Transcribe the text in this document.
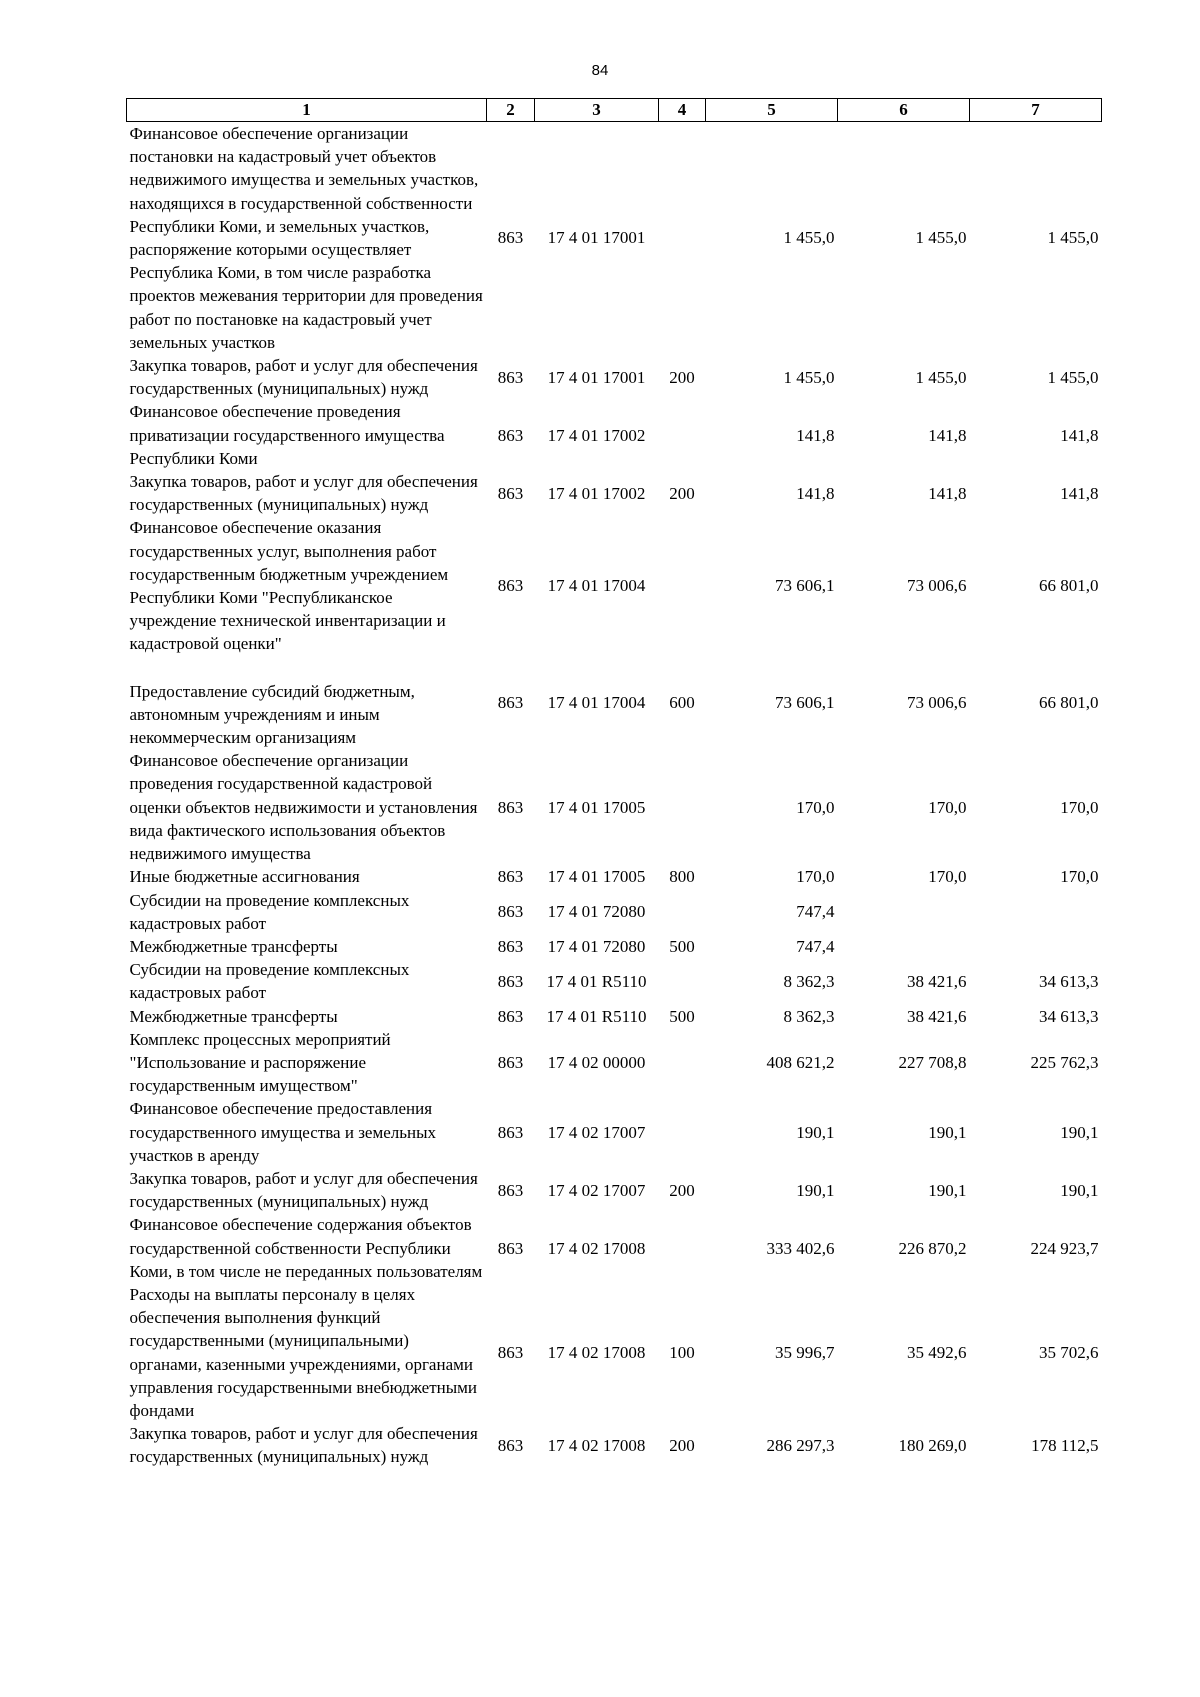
84
1	2	3	4	5	6	7
Финансовое обеспечение организации постановки на кадастровый учет объектов недвижимого имущества и земельных участков, находящихся в государственной собственности Республики Коми, и земельных участков, распоряжение которыми осуществляет Республика Коми, в том числе разработка проектов межевания территории для проведения работ по постановке на кадастровый учет земельных участков	863	17 4 01 17001		1 455,0	1 455,0	1 455,0
Закупка товаров, работ и услуг для обеспечения государственных (муниципальных) нужд	863	17 4 01 17001	200	1 455,0	1 455,0	1 455,0
Финансовое обеспечение проведения приватизации государственного имущества Республики Коми	863	17 4 01 17002		141,8	141,8	141,8
Закупка товаров, работ и услуг для обеспечения государственных (муниципальных) нужд	863	17 4 01 17002	200	141,8	141,8	141,8
Финансовое обеспечение оказания государственных услуг, выполнения работ государственным бюджетным учреждением Республики Коми "Республиканское учреждение технической инвентаризации и кадастровой оценки"	863	17 4 01 17004		73 606,1	73 006,6	66 801,0
Предоставление субсидий бюджетным, автономным учреждениям и иным некоммерческим организациям	863	17 4 01 17004	600	73 606,1	73 006,6	66 801,0
Финансовое обеспечение организации проведения государственной кадастровой оценки объектов недвижимости и установления вида фактического использования объектов недвижимого имущества	863	17 4 01 17005		170,0	170,0	170,0
Иные бюджетные ассигнования	863	17 4 01 17005	800	170,0	170,0	170,0
Субсидии на проведение комплексных кадастровых работ	863	17 4 01 72080		747,4		
Межбюджетные трансферты	863	17 4 01 72080	500	747,4		
Субсидии на проведение комплексных кадастровых работ	863	17 4 01 R5110		8 362,3	38 421,6	34 613,3
Межбюджетные трансферты	863	17 4 01 R5110	500	8 362,3	38 421,6	34 613,3
Комплекс процессных мероприятий "Использование и распоряжение государственным имуществом"	863	17 4 02 00000		408 621,2	227 708,8	225 762,3
Финансовое обеспечение предоставления государственного имущества и земельных участков в аренду	863	17 4 02 17007		190,1	190,1	190,1
Закупка товаров, работ и услуг для обеспечения государственных (муниципальных) нужд	863	17 4 02 17007	200	190,1	190,1	190,1
Финансовое обеспечение содержания объектов государственной собственности Республики Коми, в том числе не переданных пользователям	863	17 4 02 17008		333 402,6	226 870,2	224 923,7
Расходы на выплаты персоналу в целях обеспечения выполнения функций государственными (муниципальными) органами, казенными учреждениями, органами управления государственными внебюджетными фондами	863	17 4 02 17008	100	35 996,7	35 492,6	35 702,6
Закупка товаров, работ и услуг для обеспечения государственных (муниципальных) нужд	863	17 4 02 17008	200	286 297,3	180 269,0	178 112,5
